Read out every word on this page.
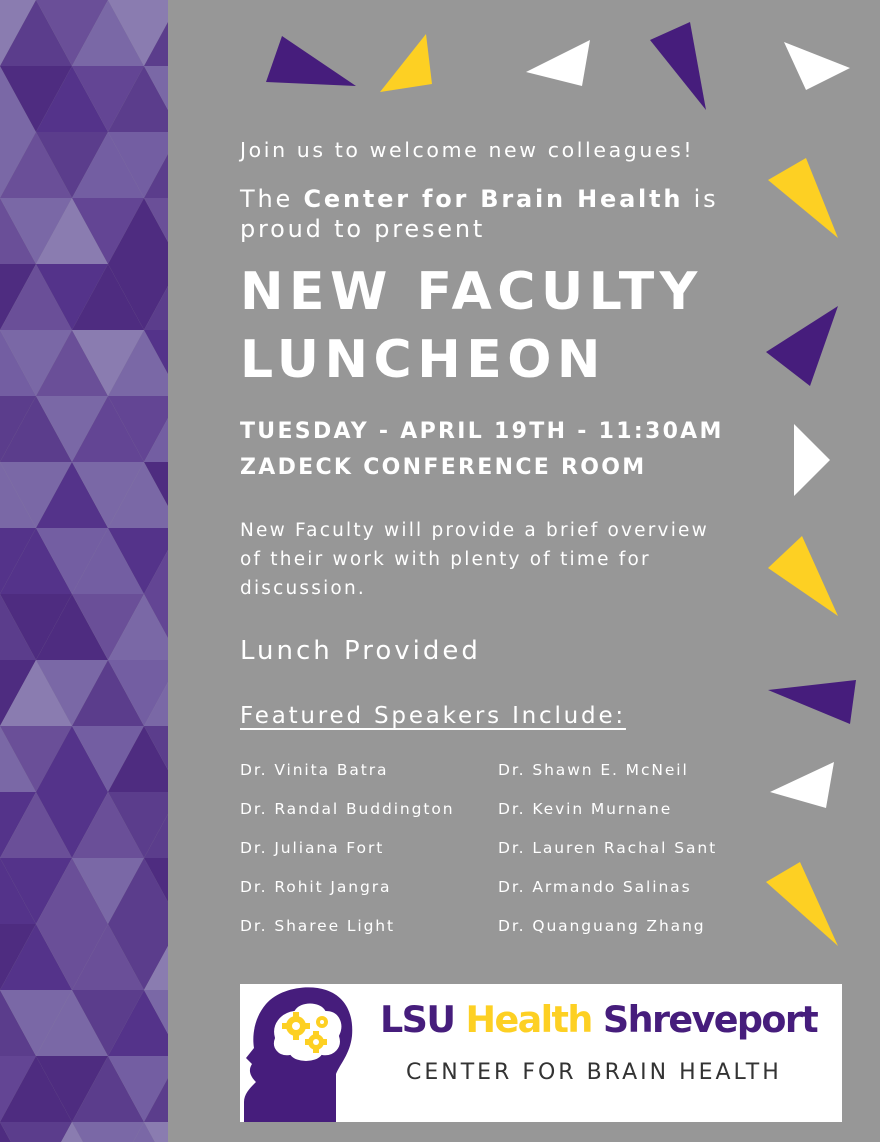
Join us to welcome new colleagues!
The Center for Brain Health is proud to present
NEW FACULTY
LUNCHEON
TUESDAY - APRIL 19TH - 11:30AM
ZADECK CONFERENCE ROOM
New Faculty will provide a brief overview of their work with plenty of time for discussion.
Lunch Provided
Featured Speakers Include:
Dr. Vinita Batra
Dr. Randal Buddington
Dr. Juliana Fort
Dr. Rohit Jangra
Dr. Sharee Light
Dr. Shawn E. McNeil
Dr. Kevin Murnane
Dr. Lauren Rachal Sant
Dr. Armando Salinas
Dr. Quanguang Zhang
LSU Health Shreveport
CENTER FOR BRAIN HEALTH
